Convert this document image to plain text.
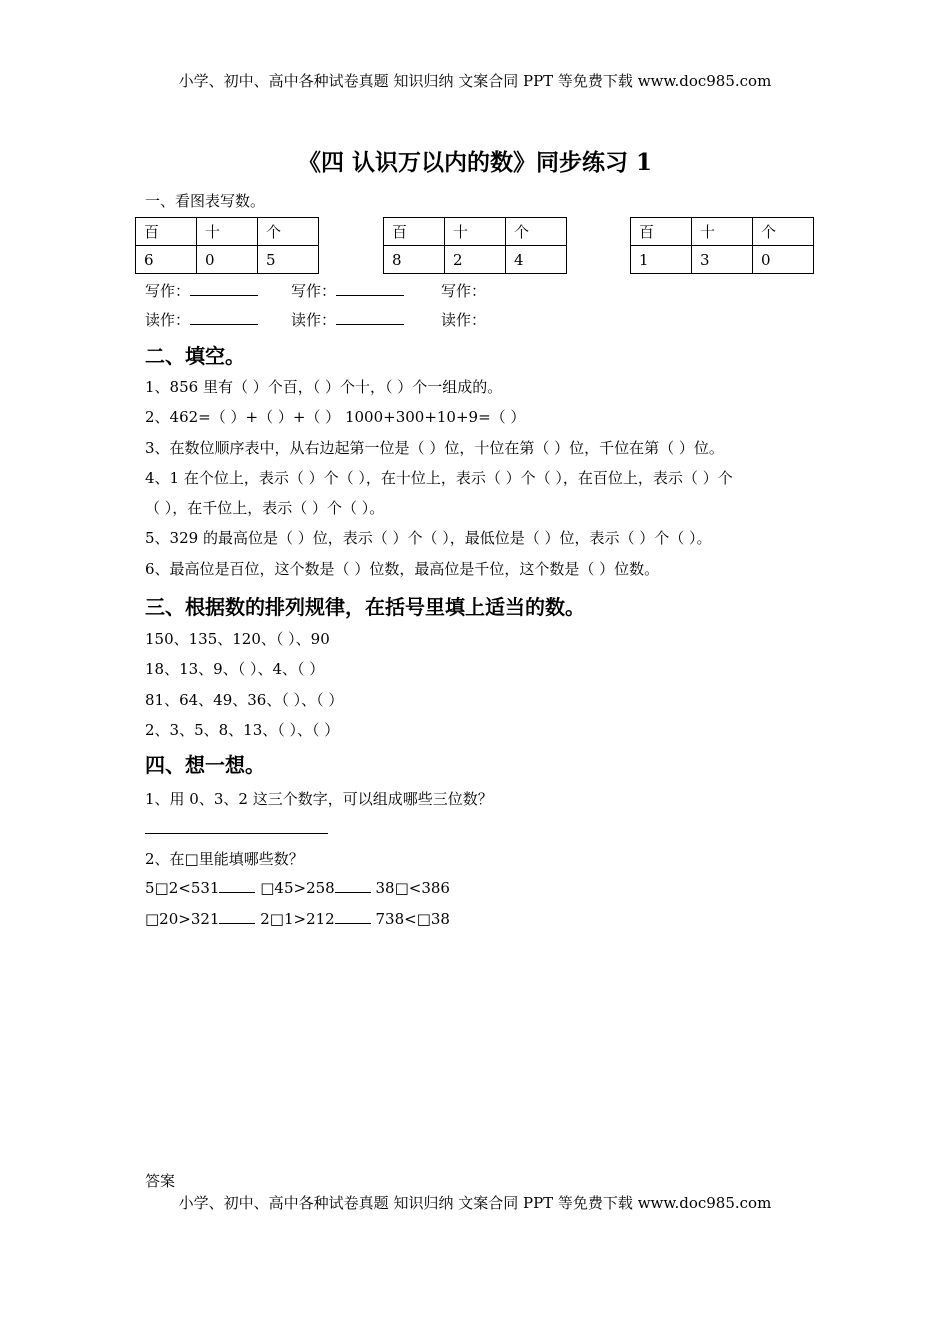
小学、初中、高中各种试卷真题 知识归纳 文案合同 PPT 等免费下载 www.doc985.com
《四 认识万以内的数》同步练习 1
一、看图表写数。
百	十	个
6	0	5
百	十	个
8	2	4
百	十	个
1	3	0
写作：	写作：	写作：
读作：	读作：	读作：
二、填空。
1、856 里有（ ）个百，（ ）个十，（ ）个一组成的。
2、462=（ ）+（ ）+（ ） 1000+300+10+9=（ ）
3、在数位顺序表中，从右边起第一位是（ ）位，十位在第（ ）位，千位在第（ ）位。
4、1 在个位上，表示（ ）个（ ），在十位上，表示（ ）个（ ），在百位上，表示（ ）个
（ ），在千位上，表示（ ）个（ ）。
5、329 的最高位是（ ）位，表示（ ）个（ ），最低位是（ ）位，表示（ ）个（ ）。
6、最高位是百位，这个数是（ ）位数，最高位是千位，这个数是（ ）位数。
三、根据数的排列规律，在括号里填上适当的数。
150、135、120、（ ）、90
18、13、9、（ ）、4、（ ）
81、64、49、36、（ ）、（ ）
2、3、5、8、13、（ ）、（ ）
四、想一想。
1、用 0、3、2 这三个数字，可以组成哪些三位数？
2、在□里能填哪些数？
5□2<531	□45>258	38□<386
□20>321	2□1>212	738<□38
答案
小学、初中、高中各种试卷真题 知识归纳 文案合同 PPT 等免费下载 www.doc985.com
